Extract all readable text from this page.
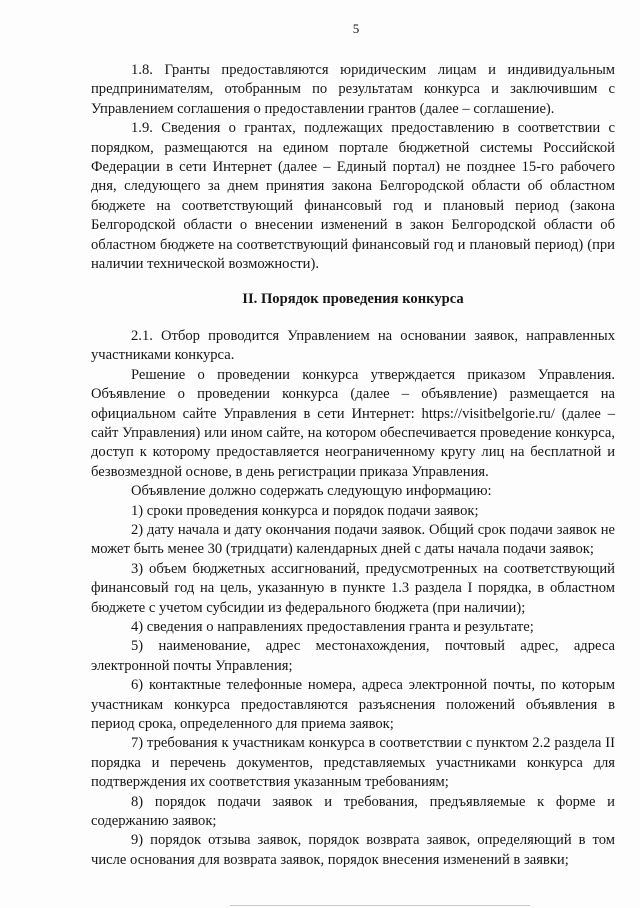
5

1.8. Гранты предоставляются юридическим лицам и индивидуальным предпринимателям, отобранным по результатам конкурса и заключившим с Управлением соглашения о предоставлении грантов (далее – соглашение).

1.9. Сведения о грантах, подлежащих предоставлению в соответствии с порядком, размещаются на едином портале бюджетной системы Российской Федерации в сети Интернет (далее – Единый портал) не позднее 15-го рабочего дня, следующего за днем принятия закона Белгородской области об областном бюджете на соответствующий финансовый год и плановый период (закона Белгородской области о внесении изменений в закон Белгородской области об областном бюджете на соответствующий финансовый год и плановый период) (при наличии технической возможности).

II. Порядок проведения конкурса

2.1. Отбор проводится Управлением на основании заявок, направленных участниками конкурса.

Решение о проведении конкурса утверждается приказом Управления. Объявление о проведении конкурса (далее – объявление) размещается на официальном сайте Управления в сети Интернет: https://visitbelgorie.ru/ (далее – сайт Управления) или ином сайте, на котором обеспечивается проведение конкурса, доступ к которому предоставляется неограниченному кругу лиц на бесплатной и безвозмездной основе, в день регистрации приказа Управления.

Объявление должно содержать следующую информацию:

1) сроки проведения конкурса и порядок подачи заявок;

2) дату начала и дату окончания подачи заявок. Общий срок подачи заявок не может быть менее 30 (тридцати) календарных дней с даты начала подачи заявок;

3) объем бюджетных ассигнований, предусмотренных на соответствующий финансовый год на цель, указанную в пункте 1.3 раздела I порядка, в областном бюджете с учетом субсидии из федерального бюджета (при наличии);

4) сведения о направлениях предоставления гранта и результате;

5) наименование, адрес местонахождения, почтовый адрес, адреса электронной почты Управления;

6) контактные телефонные номера, адреса электронной почты, по которым участникам конкурса предоставляются разъяснения положений объявления в период срока, определенного для приема заявок;

7) требования к участникам конкурса в соответствии с пунктом 2.2 раздела II порядка и перечень документов, представляемых участниками конкурса для подтверждения их соответствия указанным требованиям;

8) порядок подачи заявок и требования, предъявляемые к форме и содержанию заявок;

9) порядок отзыва заявок, порядок возврата заявок, определяющий в том числе основания для возврата заявок, порядок внесения изменений в заявки;
